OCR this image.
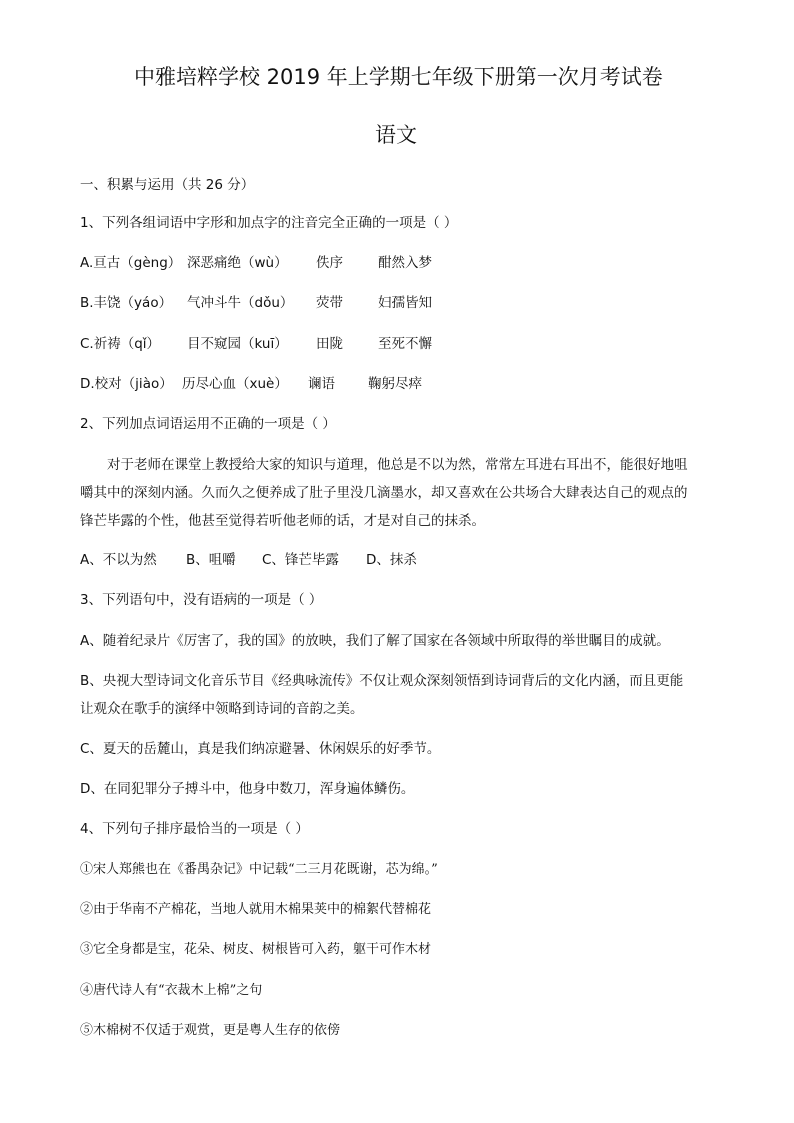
中雅培粹学校 2019 年上学期七年级下册第一次月考试卷
语文
一、积累与运用（共 26 分）
1、下列各组词语中字形和加点字的注音完全正确的一项是（ ）
A.亘古（gèng） 深恶痛绝（wù） 佚序	酣然入梦
B.丰饶（yáo） 气冲斗牛（dǒu） 荧带	妇孺皆知
C.祈祷（qǐ） 目不窥园（kuī） 田陇	至死不懈
D.校对（jiào） 历尽心血（xuè） 谰语 鞠躬尽瘁
2、下列加点词语运用不正确的一项是（ ）
对于老师在课堂上教授给大家的知识与道理，他总是不以为然，常常左耳进右耳出不，能很好地咀
嚼其中的深刻内涵。久而久之便养成了肚子里没几滴墨水，却又喜欢在公共场合大肆表达自己的观点的
锋芒毕露的个性，他甚至觉得若听他老师的话，才是对自己的抹杀。
A、不以为然 B、咀嚼 C、锋芒毕露 D、抹杀
3、下列语句中，没有语病的一项是（ ）
A、随着纪录片《厉害了，我的国》的放映，我们了解了国家在各领域中所取得的举世瞩目的成就。
B、央视大型诗词文化音乐节目《经典咏流传》不仅让观众深刻领悟到诗词背后的文化内涵，而且更能
让观众在歌手的演绎中领略到诗词的音韵之美。
C、夏天的岳麓山，真是我们纳凉避暑、休闲娱乐的好季节。
D、在同犯罪分子搏斗中，他身中数刀，浑身遍体鳞伤。
4、下列句子排序最恰当的一项是（ ）
①宋人郑熊也在《番禺杂记》中记载“二三月花既谢，芯为绵。”
②由于华南不产棉花，当地人就用木棉果荚中的棉絮代替棉花
③它全身都是宝，花朵、树皮、树根皆可入药，躯干可作木材
④唐代诗人有“衣裁木上棉”之句
⑤木棉树不仅适于观赏，更是粤人生存的依傍
